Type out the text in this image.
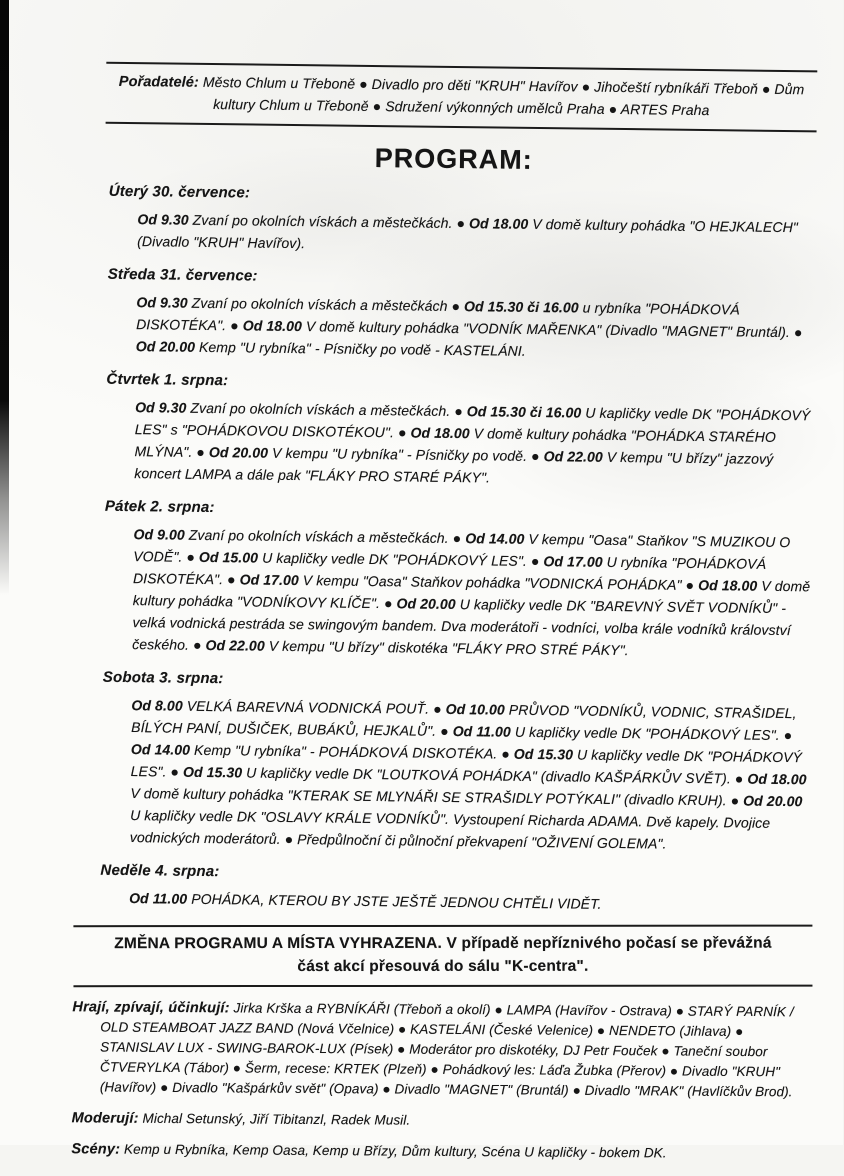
Pořadatelé: Město Chlum u Třeboně ● Divadlo pro děti "KRUH" Havířov ● Jihočeští rybníkáři Třeboň ● Dům kultury Chlum u Třeboně ● Sdružení výkonných umělců Praha ● ARTES Praha
PROGRAM:
Úterý 30. července:

Od 9.30 Zvaní po okolních vískách a městečkách. ● Od 18.00 V domě kultury pohádka "O HEJKALECH" (Divadlo "KRUH" Havířov).

Středa 31. července:

Od 9.30 Zvaní po okolních vískách a městečkách ● Od 15.30 či 16.00 u rybníka "POHÁDKOVÁ DISKOTÉKA". ● Od 18.00 V domě kultury pohádka "VODNÍK MAŘENKA" (Divadlo "MAGNET" Bruntál). ● Od 20.00 Kemp "U rybníka" - Písničky po vodě - KASTELÁNI.

Čtvrtek 1. srpna:

Od 9.30 Zvaní po okolních vískách a městečkách. ● Od 15.30 či 16.00 U kapličky vedle DK "POHÁDKOVÝ LES" s "POHÁDKOVOU DISKOTÉKOU". ● Od 18.00 V domě kultury pohádka "POHÁDKA STARÉHO MLÝNA". ● Od 20.00 V kempu "U rybníka" - Písničky po vodě. ● Od 22.00 V kempu "U břízy" jazzový koncert LAMPA a dále pak "FLÁKY PRO STARÉ PÁKY".

Pátek 2. srpna:

Od 9.00 Zvaní po okolních vískách a městečkách. ● Od 14.00 V kempu "Oasa" Staňkov "S MUZIKOU O VODĚ". ● Od 15.00 U kapličky vedle DK "POHÁDKOVÝ LES". ● Od 17.00 U rybníka "POHÁDKOVÁ DISKOTÉKA". ● Od 17.00 V kempu "Oasa" Staňkov pohádka "VODNICKÁ POHÁDKA" ● Od 18.00 V domě kultury pohádka "VODNÍKOVY KLÍČE". ● Od 20.00 U kapličky vedle DK "BAREVNÝ SVĚT VODNÍKŮ" - velká vodnická pestráda se swingovým bandem. Dva moderátoři - vodníci, volba krále vodníků království českého. ● Od 22.00 V kempu "U břízy" diskotéka "FLÁKY PRO STRÉ PÁKY".

Sobota 3. srpna:

Od 8.00 VELKÁ BAREVNÁ VODNICKÁ POUŤ. ● Od 10.00 PRŮVOD "VODNÍKŮ, VODNIC, STRAŠIDEL, BÍLÝCH PANÍ, DUŠIČEK, BUBÁKŮ, HEJKALŮ". ● Od 11.00 U kapličky vedle DK "POHÁDKOVÝ LES". ● Od 14.00 Kemp "U rybníka" - POHÁDKOVÁ DISKOTÉKA. ● Od 15.30 U kapličky vedle DK "POHÁDKOVÝ LES". ● Od 15.30 U kapličky vedle DK "LOUTKOVÁ POHÁDKA" (divadlo KAŠPÁRKŮV SVĚT). ● Od 18.00 V domě kultury pohádka "KTERAK SE MLYNÁŘI SE STRAŠIDLY POTÝKALI" (divadlo KRUH). ● Od 20.00 U kapličky vedle DK "OSLAVY KRÁLE VODNÍKŮ". Vystoupení Richarda ADAMA. Dvě kapely. Dvojice vodnických moderátorů. ● Předpůlnoční či půlnoční překvapení "OŽIVENÍ GOLEMA".

Neděle 4. srpna:

Od 11.00 POHÁDKA, KTEROU BY JSTE JEŠTĚ JEDNOU CHTĚLI VIDĚT.

ZMĚNA PROGRAMU A MÍSTA VYHRAZENA. V případě nepříznivého počasí se převážná
část akcí přesouvá do sálu "K-centra".

Hrají, zpívají, účinkují: Jirka Krška a RYBNÍKÁŘI (Třeboň a okolí) ● LAMPA (Havířov - Ostrava) ● STARÝ PARNÍK / OLD STEAMBOAT JAZZ BAND (Nová Včelnice) ● KASTELÁNI (České Velenice) ● NENDETO (Jihlava) ● STANISLAV LUX - SWING-BAROK-LUX (Písek) ● Moderátor pro diskotéky, DJ Petr Fouček ● Taneční soubor ČTVERYLKA (Tábor) ● Šerm, recese: KRTEK (Plzeň) ● Pohádkový les: Láďa Žubka (Přerov) ● Divadlo "KRUH" (Havířov) ● Divadlo "Kašpárkův svět" (Opava) ● Divadlo "MAGNET" (Bruntál) ● Divadlo "MRAK" (Havlíčkův Brod).

Moderují: Michal Setunský, Jiří Tibitanzl, Radek Musil.

Scény: Kemp u Rybníka, Kemp Oasa, Kemp u Břízy, Dům kultury, Scéna U kapličky - bokem DK.
